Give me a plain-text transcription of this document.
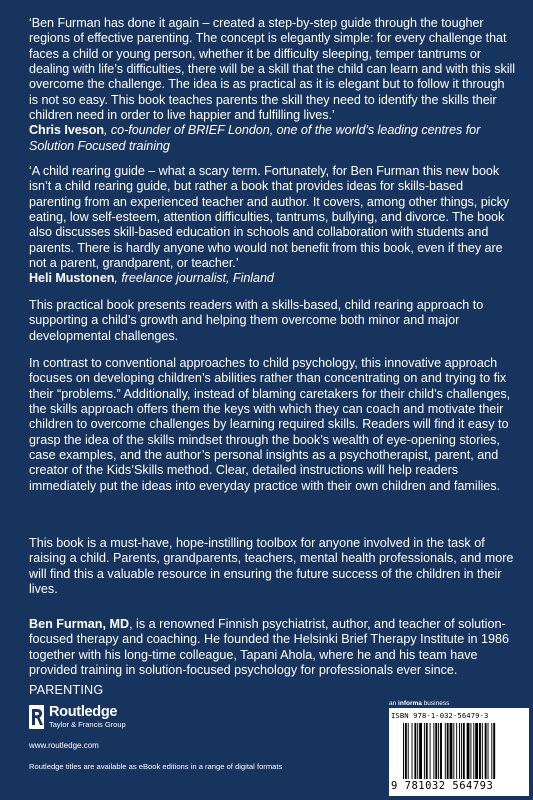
‘Ben Furman has done it again – created a step-by-step guide through the tougher regions of effective parenting. The concept is elegantly simple: for every challenge that faces a child or young person, whether it be difficulty sleeping, temper tantrums or dealing with life’s difficulties, there will be a skill that the child can learn and with this skill overcome the challenge. The idea is as practical as it is elegant but to follow it through is not so easy. This book teaches parents the skill they need to identify the skills their children need in order to live happier and fulfilling lives.’
Chris Iveson, co-founder of BRIEF London, one of the world’s leading centres for Solution Focused training

‘A child rearing guide – what a scary term. Fortunately, for Ben Furman this new book isn’t a child rearing guide, but rather a book that provides ideas for skills-based parenting from an experienced teacher and author. It covers, among other things, picky eating, low self-esteem, attention difficulties, tantrums, bullying, and divorce. The book also discusses skill-based education in schools and collaboration with students and parents. There is hardly anyone who would not benefit from this book, even if they are not a parent, grandparent, or teacher.’
Heli Mustonen, freelance journalist, Finland

This practical book presents readers with a skills-based, child rearing approach to supporting a child’s growth and helping them overcome both minor and major developmental challenges.

In contrast to conventional approaches to child psychology, this innovative approach focuses on developing children’s abilities rather than concentrating on and trying to fix their “problems.” Additionally, instead of blaming caretakers for their child’s challenges, the skills approach offers them the keys with which they can coach and motivate their children to overcome challenges by learning required skills. Readers will find it easy to grasp the idea of the skills mindset through the book’s wealth of eye-opening stories, case examples, and the author’s personal insights as a psychotherapist, parent, and creator of the Kids’Skills method. Clear, detailed instructions will help readers immediately put the ideas into everyday practice with their own children and families.

This book is a must-have, hope-instilling toolbox for anyone involved in the task of raising a child. Parents, grandparents, teachers, mental health professionals, and more will find this a valuable resource in ensuring the future success of the children in their lives.

Ben Furman, MD, is a renowned Finnish psychiatrist, author, and teacher of solution-focused therapy and coaching. He founded the Helsinki Brief Therapy Institute in 1986 together with his long-time colleague, Tapani Ahola, where he and his team have provided training in solution-focused psychology for professionals ever since.

PARENTING
Routledge
Taylor & Francis Group
www.routledge.com
Routledge titles are available as eBook editions in a range of digital formats
an informa business
ISBN 978-1-032-56479-3
9 781032 564793
